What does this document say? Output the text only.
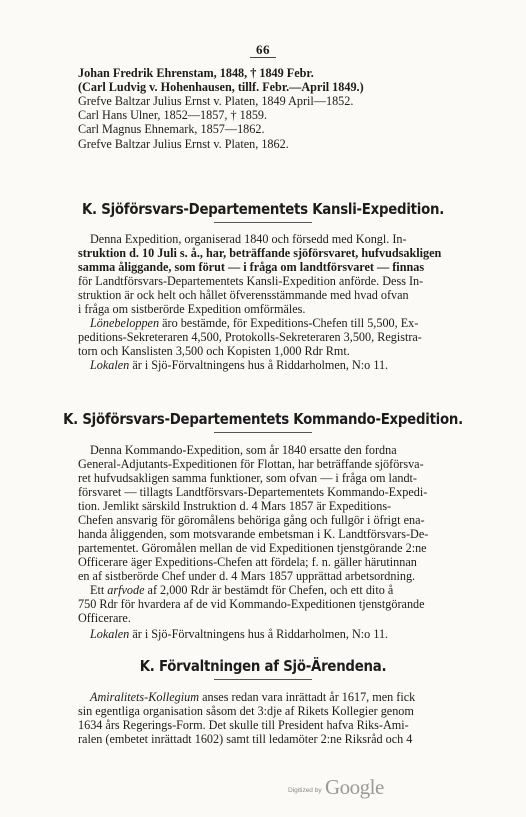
66
Johan Fredrik Ehrenstam, 1848, † 1849 Febr.
(Carl Ludvig v. Hohenhausen, tillf. Febr.—April 1849.)
Grefve Baltzar Julius Ernst v. Platen, 1849 April—1852.
Carl Hans Ulner, 1852—1857, † 1859.
Carl Magnus Ehnemark, 1857—1862.
Grefve Baltzar Julius Ernst v. Platen, 1862.
K. Sjöförsvars-Departementets Kansli-Expedition.
Denna Expedition, organiserad 1840 och försedd med Kongl. In-
struktion d. 10 Juli s. å., har, beträffande sjöförsvaret, hufvudsakligen
samma åliggande, som förut — i fråga om landtförsvaret — finnas
för Landtförsvars-Departementets Kansli-Expedition anförde. Dess In-
struktion är ock helt och hållet öfverensstämmande med hvad ofvan
i fråga om sistberörde Expedition omförmäles.
Lönebeloppen äro bestämde, för Expeditions-Chefen till 5,500, Ex-
peditions-Sekreteraren 4,500, Protokolls-Sekreteraren 3,500, Registra-
torn och Kanslisten 3,500 och Kopisten 1,000 Rdr Rmt.
Lokalen är i Sjö-Förvaltningens hus å Riddarholmen, N:o 11.
K. Sjöförsvars-Departementets Kommando-Expedition.
Denna Kommando-Expedition, som år 1840 ersatte den fordna
General-Adjutants-Expeditionen för Flottan, har beträffande sjöförsva-
ret hufvudsakligen samma funktioner, som ofvan — i fråga om landt-
försvaret — tillagts Landtförsvars-Departementets Kommando-Expedi-
tion. Jemlikt särskild Instruktion d. 4 Mars 1857 är Expeditions-
Chefen ansvarig för göromålens behöriga gång och fullgör i öfrigt ena-
handa åliggenden, som motsvarande embetsman i K. Landtförsvars-De-
partementet. Göromålen mellan de vid Expeditionen tjenstgörande 2:ne
Officerare äger Expeditions-Chefen att fördela; f. n. gäller härutinnan
en af sistberörde Chef under d. 4 Mars 1857 upprättad arbetsordning.
Ett arfvode af 2,000 Rdr är bestämdt för Chefen, och ett dito å
750 Rdr för hvardera af de vid Kommando-Expeditionen tjenstgörande
Officerare.
Lokalen är i Sjö-Förvaltningens hus å Riddarholmen, N:o 11.
K. Förvaltningen af Sjö-Ärendena.
Amiralitets-Kollegium anses redan vara inrättadt år 1617, men fick
sin egentliga organisation såsom det 3:dje af Rikets Kollegier genom
1634 års Regerings-Form. Det skulle till President hafva Riks-Ami-
ralen (embetet inrättadt 1602) samt till ledamöter 2:ne Riksråd och 4
Digitized by Google
